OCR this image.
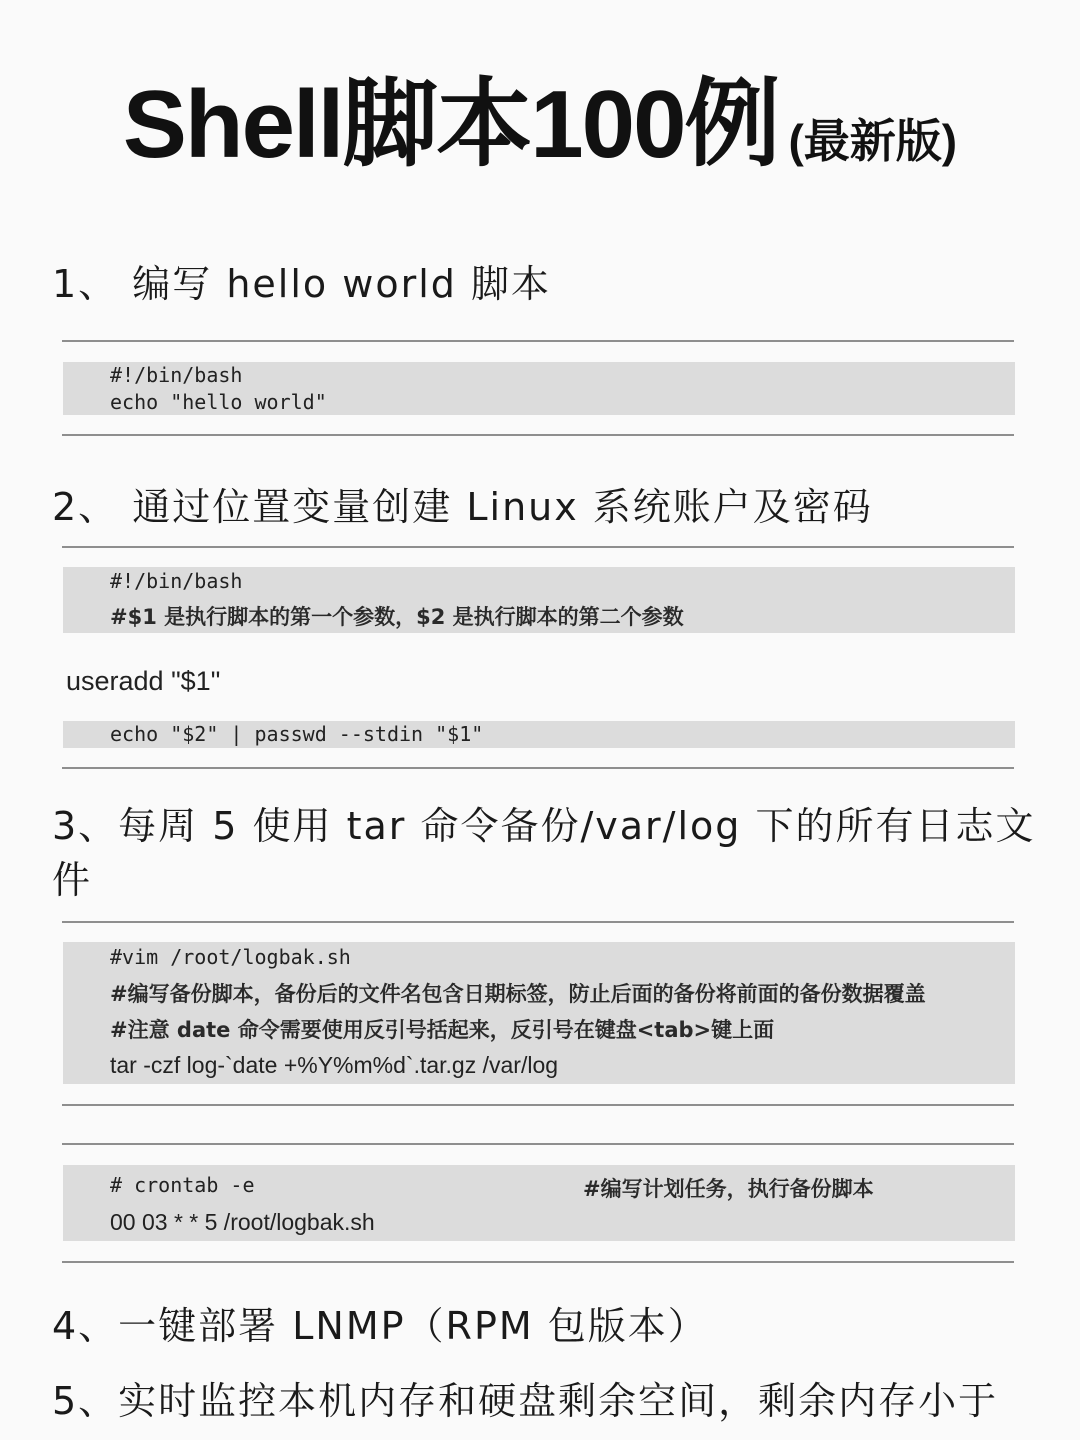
Shell脚本100例 (最新版)
1、 编写 hello world 脚本
#!/bin/bash
echo "hello world"
2、 通过位置变量创建 Linux 系统账户及密码
#!/bin/bash
#$1 是执行脚本的第一个参数，$2 是执行脚本的第二个参数
useradd "$1"
echo "$2" | passwd --stdin "$1"
3、每周 5 使用 tar 命令备份/var/log 下的所有日志文件
#vim /root/logbak.sh
#编写备份脚本，备份后的文件名包含日期标签，防止后面的备份将前面的备份数据覆盖
#注意 date 命令需要使用反引号括起来，反引号在键盘<tab>键上面
tar -czf log-`date +%Y%m%d`.tar.gz /var/log
# crontab -e	#编写计划任务，执行备份脚本
00 03 * * 5 /root/logbak.sh
4、一键部署 LNMP（RPM 包版本）
5、实时监控本机内存和硬盘剩余空间，剩余内存小于
